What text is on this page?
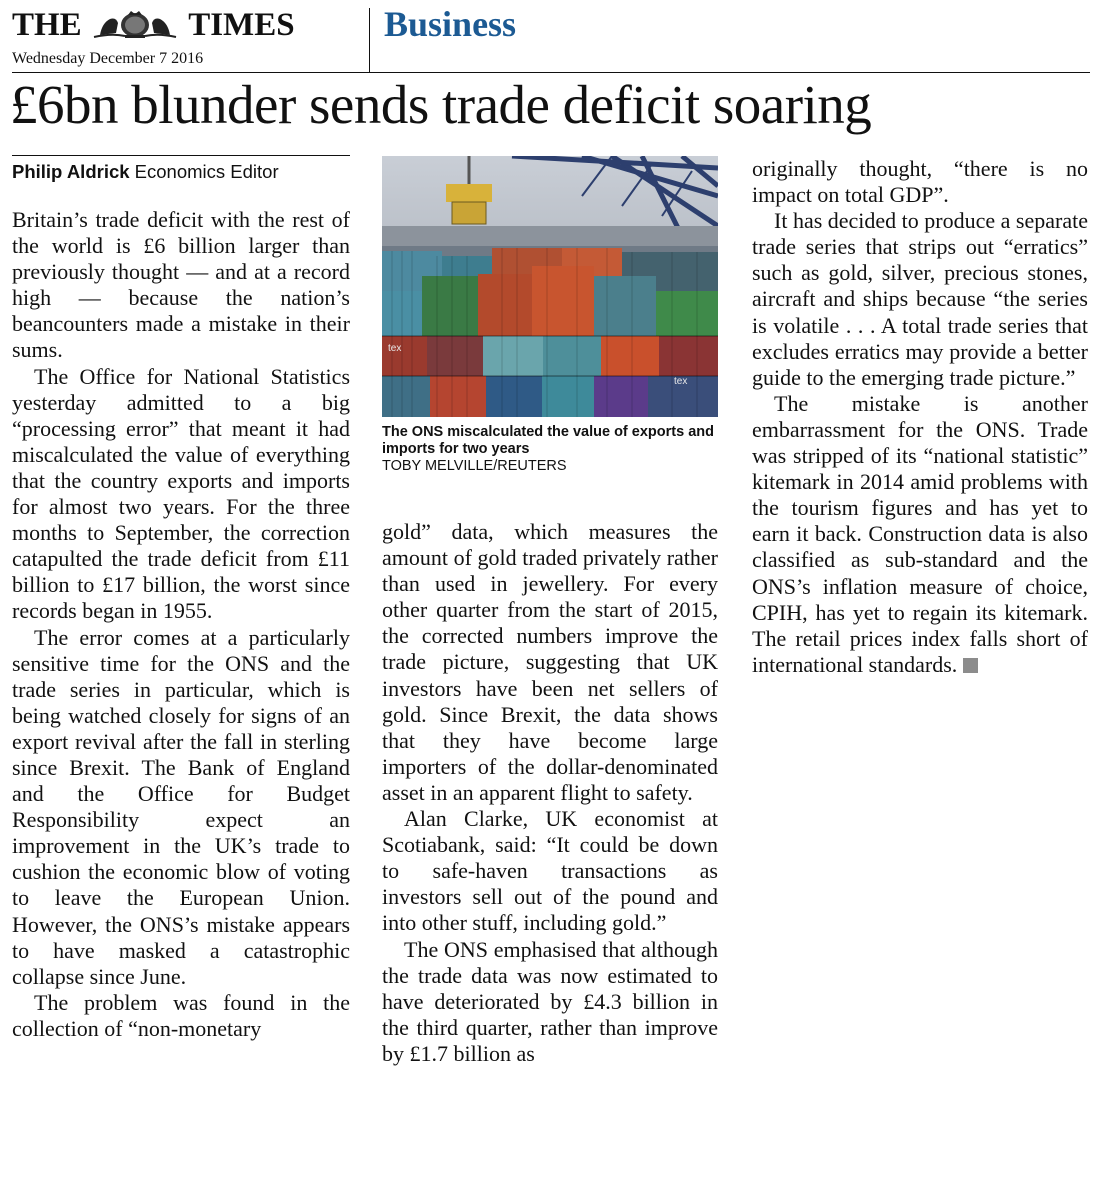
THE	TIMES
Wednesday December 7 2016
Business
£6bn blunder sends trade deficit soaring
Philip Aldrick Economics Editor

Britain’s trade deficit with the rest of the world is £6 billion larger than previously thought — and at a record high — because the nation’s beancounters made a mistake in their sums.

The Office for National Statistics yesterday admitted to a big “processing error” that meant it had miscalculated the value of everything that the country exports and imports for almost two years. For the three months to September, the correction catapulted the trade deficit from £11 billion to £17 billion, the worst since records began in 1955.

The error comes at a particularly sensitive time for the ONS and the trade series in particular, which is being watched closely for signs of an export revival after the fall in sterling since Brexit. The Bank of England and the Office for Budget Responsibility expect an improvement in the UK’s trade to cushion the economic blow of voting to leave the European Union. However, the ONS’s mistake appears to have masked a catastrophic collapse since June.

The problem was found in the collection of “non-monetary

tex
tex
The ONS miscalculated the value of exports and imports for two years
TOBY MELVILLE/REUTERS

gold” data, which measures the amount of gold traded privately rather than used in jewellery. For every other quarter from the start of 2015, the corrected numbers improve the trade picture, suggesting that UK investors have been net sellers of gold. Since Brexit, the data shows that they have become large importers of the dollar-denominated asset in an apparent flight to safety.

Alan Clarke, UK economist at Scotiabank, said: “It could be down to safe-haven transactions as investors sell out of the pound and into other stuff, including gold.”

The ONS emphasised that although the trade data was now estimated to have deteriorated by £4.3 billion in the third quarter, rather than improve by £1.7 billion as

originally thought, “there is no impact on total GDP”.

It has decided to produce a separate trade series that strips out “erratics” such as gold, silver, precious stones, aircraft and ships because “the series is volatile . . . A total trade series that excludes erratics may provide a better guide to the emerging trade picture.”

The mistake is another embarrassment for the ONS. Trade was stripped of its “national statistic” kitemark in 2014 amid problems with the tourism figures and has yet to earn it back. Construction data is also classified as sub-standard and the ONS’s inflation measure of choice, CPIH, has yet to regain its kitemark. The retail prices index falls short of international standards.
